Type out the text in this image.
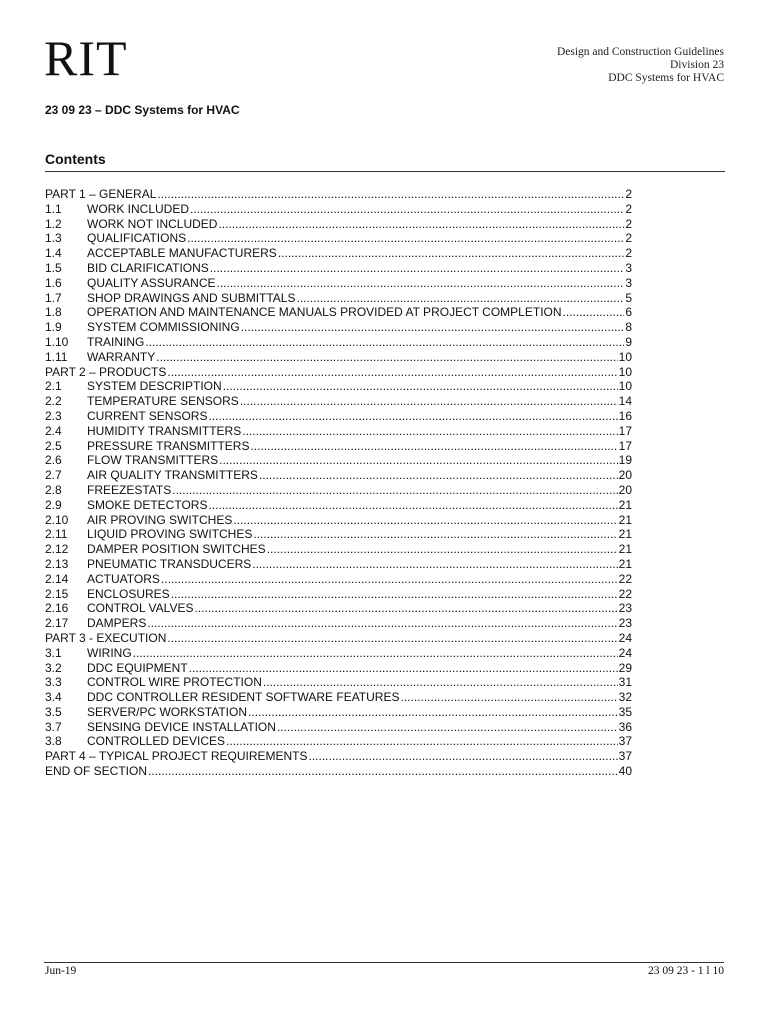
RIT	Design and Construction Guidelines
Division 23
DDC Systems for HVAC
23 09 23 – DDC Systems for HVAC
Contents
PART 1 – GENERAL .....	2
1.1	WORK INCLUDED .....	2
1.2	WORK NOT INCLUDED .....	2
1.3	QUALIFICATIONS .....	2
1.4	ACCEPTABLE MANUFACTURERS .....	2
1.5	BID CLARIFICATIONS .....	3
1.6	QUALITY ASSURANCE .....	3
1.7	SHOP DRAWINGS AND SUBMITTALS .....	5
1.8	OPERATION AND MAINTENANCE MANUALS PROVIDED AT PROJECT COMPLETION .....	6
1.9	SYSTEM COMMISSIONING .....	8
1.10	TRAINING .....	9
1.11	WARRANTY .....	10
PART 2 – PRODUCTS .....	10
2.1	SYSTEM DESCRIPTION .....	10
2.2	TEMPERATURE SENSORS .....	14
2.3	CURRENT SENSORS .....	16
2.4	HUMIDITY TRANSMITTERS .....	17
2.5	PRESSURE TRANSMITTERS .....	17
2.6	FLOW TRANSMITTERS .....	19
2.7	AIR QUALITY TRANSMITTERS .....	20
2.8	FREEZESTATS .....	20
2.9	SMOKE DETECTORS .....	21
2.10	AIR PROVING SWITCHES .....	21
2.11	LIQUID PROVING SWITCHES .....	21
2.12	DAMPER POSITION SWITCHES .....	21
2.13	PNEUMATIC TRANSDUCERS .....	21
2.14	ACTUATORS .....	22
2.15	ENCLOSURES .....	22
2.16	CONTROL VALVES .....	23
2.17	DAMPERS .....	23
PART 3 - EXECUTION .....	24
3.1	WIRING .....	24
3.2	DDC EQUIPMENT .....	29
3.3	CONTROL WIRE PROTECTION .....	31
3.4	DDC CONTROLLER RESIDENT SOFTWARE FEATURES .....	32
3.5	SERVER/PC WORKSTATION .....	35
3.7	SENSING DEVICE INSTALLATION .....	36
3.8	CONTROLLED DEVICES .....	37
PART 4 – TYPICAL PROJECT REQUIREMENTS .....	37
END OF SECTION .....	40
Jun-19	23 09 23 - 1 l 10
